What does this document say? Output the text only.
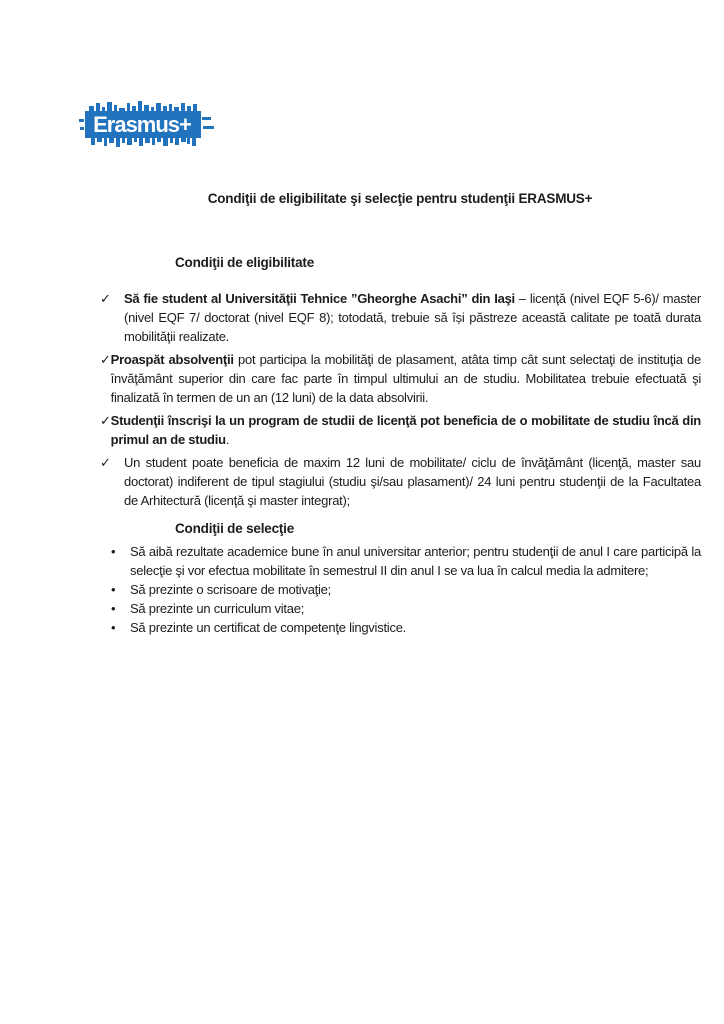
Erasmus+
Condiţii de eligibilitate şi selecţie pentru studenţii ERASMUS+
Condiţii de eligibilitate
✓	Să fie student al Universităţii Tehnice ”Gheorghe Asachi” din Iaşi – licenţă (nivel EQF 5-6)/ master (nivel EQF 7/ doctorat (nivel EQF 8); totodată, trebuie să își păstreze această calitate pe toată durata mobilităţii realizate.
✓ Proaspăt absolvenţii pot participa la mobilităţi de plasament, atâta timp cât sunt selectaţi de instituţia de învăţământ superior din care fac parte în timpul ultimului an de studiu. Mobilitatea trebuie efectuată şi finalizată în termen de un an (12 luni) de la data absolvirii.
✓ Studenţii înscrişi la un program de studii de licenţă pot beneficia de o mobilitate de studiu încă din primul an de studiu.
✓	Un student poate beneficia de maxim 12 luni de mobilitate/ ciclu de învăţământ (licenţă, master sau doctorat) indiferent de tipul stagiului (studiu şi/sau plasament)/ 24 luni pentru studenţii de la Facultatea de Arhitectură (licenţă şi master integrat);
Condiţii de selecţie
•	Să aibă rezultate academice bune în anul universitar anterior; pentru studenţii de anul I care participă la selecţie şi vor efectua mobilitate în semestrul II din anul I se va lua în calcul media la admitere;
•	Să prezinte o scrisoare de motivaţie;
•	Să prezinte un curriculum vitae;
•	Să prezinte un certificat de competenţe lingvistice.
